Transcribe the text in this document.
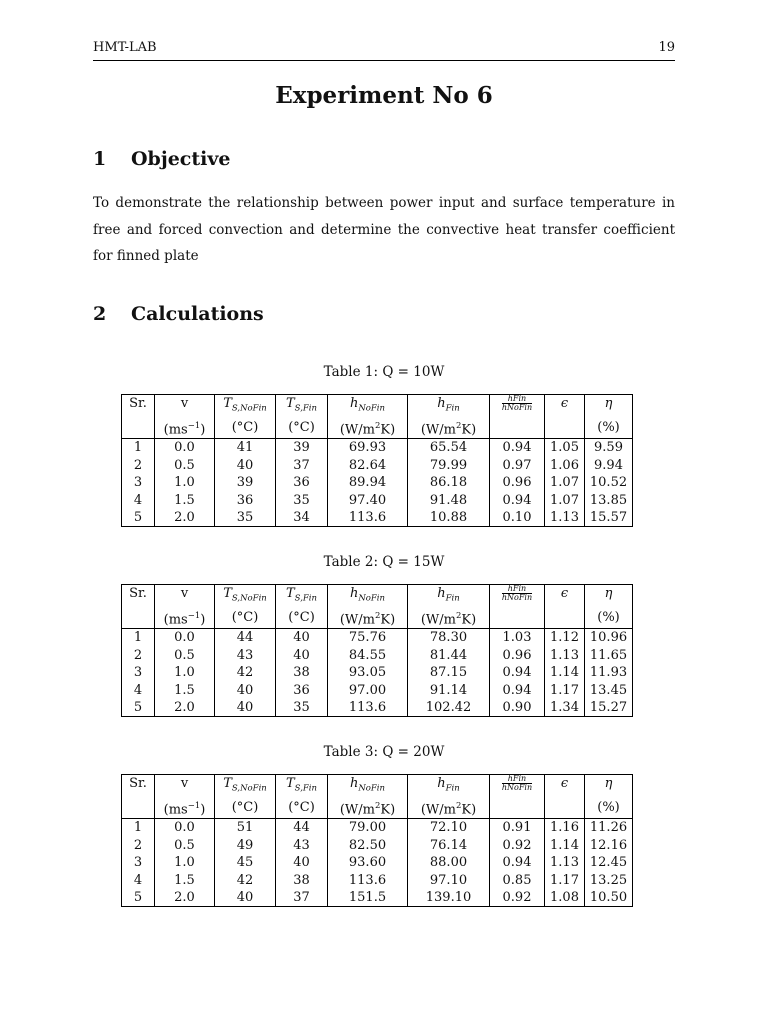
HMT-LAB	19
Experiment No 6
1 Objective
To demonstrate the relationship between power input and surface temperature in free and forced convection and determine the convective heat transfer coefficient for finned plate
2 Calculations
Table 1: Q = 10W
Sr.	v	$T_{S,NoFin}$	$T_{S,Fin}$	$h_{NoFin}$	$h_{Fin}$	$\frac{\text{hFin}}{\text{hNoFin}}$	ϵ	η
	$(ms^{-1})$	(°C)	(°C)	$(W/m^2K)$	$(W/m^2K)$			(%)
1	0.0	41	39	69.93	65.54	0.94	1.05	9.59
2	0.5	40	37	82.64	79.99	0.97	1.06	9.94
3	1.0	39	36	89.94	86.18	0.96	1.07	10.52
4	1.5	36	35	97.40	91.48	0.94	1.07	13.85
5	2.0	35	34	113.6	10.88	0.10	1.13	15.57
Table 2: Q = 15W
Sr.	v	$T_{S,NoFin}$	$T_{S,Fin}$	$h_{NoFin}$	$h_{Fin}$	$\frac{\text{hFin}}{\text{hNoFin}}$	ϵ	η
	$(ms^{-1})$	(°C)	(°C)	$(W/m^2K)$	$(W/m^2K)$			(%)
1	0.0	44	40	75.76	78.30	1.03	1.12	10.96
2	0.5	43	40	84.55	81.44	0.96	1.13	11.65
3	1.0	42	38	93.05	87.15	0.94	1.14	11.93
4	1.5	40	36	97.00	91.14	0.94	1.17	13.45
5	2.0	40	35	113.6	102.42	0.90	1.34	15.27
Table 3: Q = 20W
Sr.	v	$T_{S,NoFin}$	$T_{S,Fin}$	$h_{NoFin}$	$h_{Fin}$	$\frac{\text{hFin}}{\text{hNoFin}}$	ϵ	η
	$(ms^{-1})$	(°C)	(°C)	$(W/m^2K)$	$(W/m^2K)$			(%)
1	0.0	51	44	79.00	72.10	0.91	1.16	11.26
2	0.5	49	43	82.50	76.14	0.92	1.14	12.16
3	1.0	45	40	93.60	88.00	0.94	1.13	12.45
4	1.5	42	38	113.6	97.10	0.85	1.17	13.25
5	2.0	40	37	151.5	139.10	0.92	1.08	10.50
